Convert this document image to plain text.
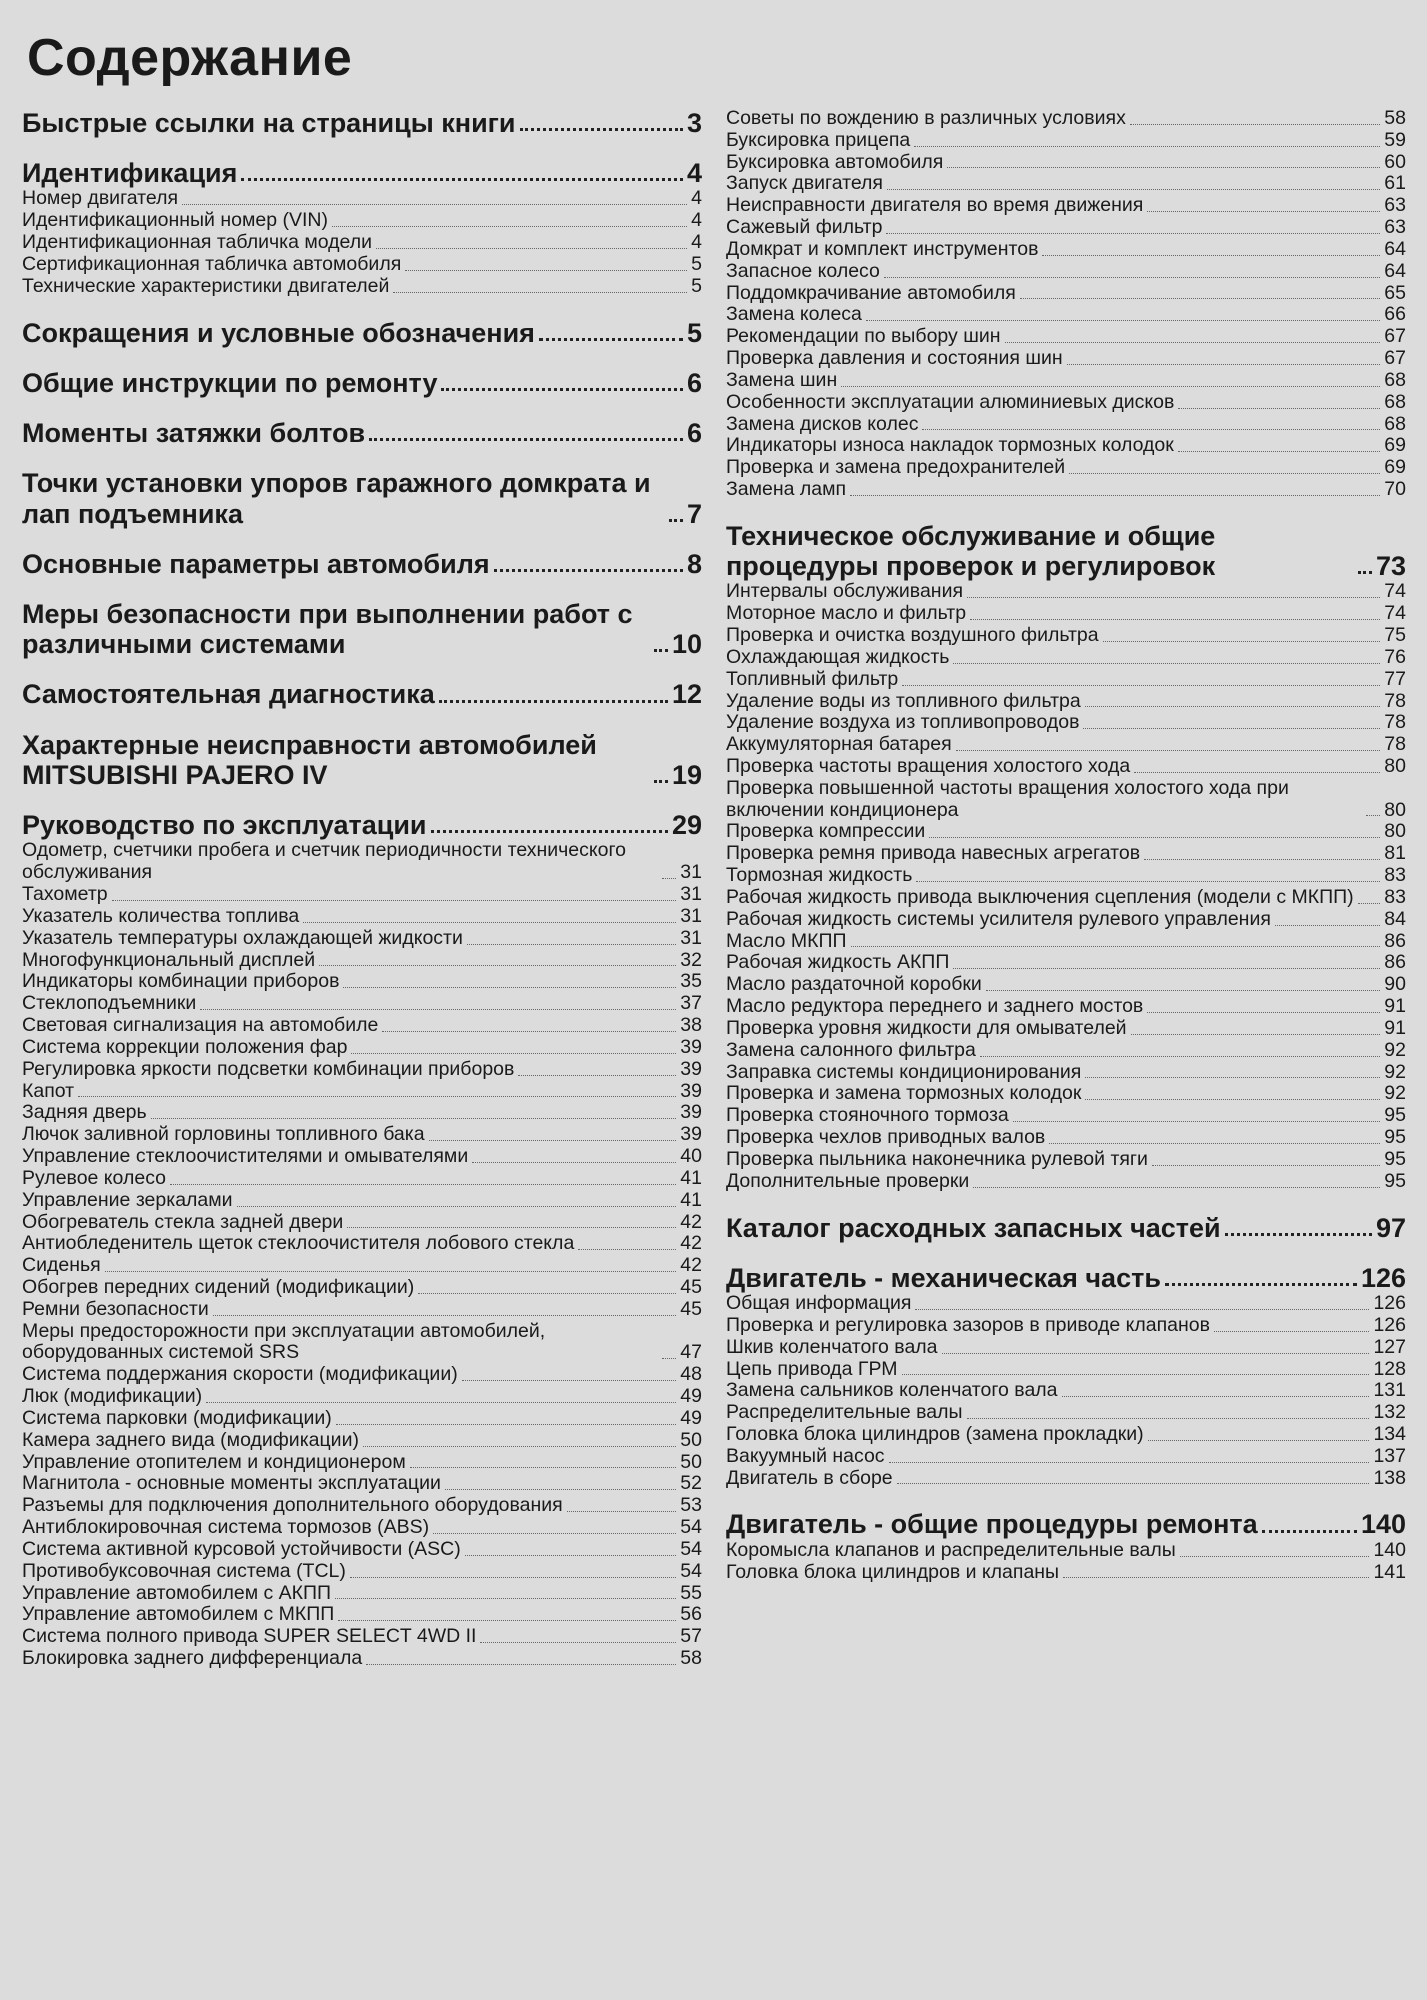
Содержание
Быстрые ссылки на страницы книги	3
Идентификация	4
Номер двигателя	4
Идентификационный номер (VIN)	4
Идентификационная табличка модели	4
Сертификационная табличка автомобиля	5
Технические характеристики двигателей	5
Сокращения и условные обозначения	5
Общие инструкции по ремонту	6
Моменты затяжки болтов	6
Точки установки упоров гаражного домкрата и лап подъемника	7
Основные параметры автомобиля	8
Меры безопасности при выполнении работ с различными системами	10
Самостоятельная диагностика	12
Характерные неисправности автомобилей MITSUBISHI PAJERO IV	19
Руководство по эксплуатации	29
Одометр, счетчики пробега и счетчик периодичности технического обслуживания	31
Тахометр	31
Указатель количества топлива	31
Указатель температуры охлаждающей жидкости	31
Многофункциональный дисплей	32
Индикаторы комбинации приборов	35
Стеклоподъемники	37
Световая сигнализация на автомобиле	38
Система коррекции положения фар	39
Регулировка яркости подсветки комбинации приборов	39
Капот	39
Задняя дверь	39
Лючок заливной горловины топливного бака	39
Управление стеклоочистителями и омывателями	40
Рулевое колесо	41
Управление зеркалами	41
Обогреватель стекла задней двери	42
Антиобледенитель щеток стеклоочистителя лобового стекла	42
Сиденья	42
Обогрев передних сидений (модификации)	45
Ремни безопасности	45
Меры предосторожности при эксплуатации автомобилей, оборудованных системой SRS	47
Система поддержания скорости (модификации)	48
Люк (модификации)	49
Система парковки (модификации)	49
Камера заднего вида (модификации)	50
Управление отопителем и кондиционером	50
Магнитола - основные моменты эксплуатации	52
Разъемы для подключения дополнительного оборудования	53
Антиблокировочная система тормозов (ABS)	54
Система активной курсовой устойчивости (ASC)	54
Противобуксовочная система (TCL)	54
Управление автомобилем с АКПП	55
Управление автомобилем с МКПП	56
Система полного привода SUPER SELECT 4WD II	57
Блокировка заднего дифференциала	58
Советы по вождению в различных условиях	58
Буксировка прицепа	59
Буксировка автомобиля	60
Запуск двигателя	61
Неисправности двигателя во время движения	63
Сажевый фильтр	63
Домкрат и комплект инструментов	64
Запасное колесо	64
Поддомкрачивание автомобиля	65
Замена колеса	66
Рекомендации по выбору шин	67
Проверка давления и состояния шин	67
Замена шин	68
Особенности эксплуатации алюминиевых дисков	68
Замена дисков колес	68
Индикаторы износа накладок тормозных колодок	69
Проверка и замена предохранителей	69
Замена ламп	70
Техническое обслуживание и общие процедуры проверок и регулировок	73
Интервалы обслуживания	74
Моторное масло и фильтр	74
Проверка и очистка воздушного фильтра	75
Охлаждающая жидкость	76
Топливный фильтр	77
Удаление воды из топливного фильтра	78
Удаление воздуха из топливопроводов	78
Аккумуляторная батарея	78
Проверка частоты вращения холостого хода	80
Проверка повышенной частоты вращения холостого хода при включении кондиционера	80
Проверка компрессии	80
Проверка ремня привода навесных агрегатов	81
Тормозная жидкость	83
Рабочая жидкость привода выключения сцепления (модели с МКПП) 83
Рабочая жидкость системы усилителя рулевого управления	84
Масло МКПП	86
Рабочая жидкость АКПП	86
Масло раздаточной коробки	90
Масло редуктора переднего и заднего мостов	91
Проверка уровня жидкости для омывателей	91
Замена салонного фильтра	92
Заправка системы кондиционирования	92
Проверка и замена тормозных колодок	92
Проверка стояночного тормоза	95
Проверка чехлов приводных валов	95
Проверка пыльника наконечника рулевой тяги	95
Дополнительные проверки	95
Каталог расходных запасных частей	97
Двигатель - механическая часть	126
Общая информация	126
Проверка и регулировка зазоров в приводе клапанов	126
Шкив коленчатого вала	127
Цепь привода ГРМ	128
Замена сальников коленчатого вала	131
Распределительные валы	132
Головка блока цилиндров (замена прокладки)	134
Вакуумный насос	137
Двигатель в сборе	138
Двигатель - общие процедуры ремонта	140
Коромысла клапанов и распределительные валы	140
Головка блока цилиндров и клапаны	141
